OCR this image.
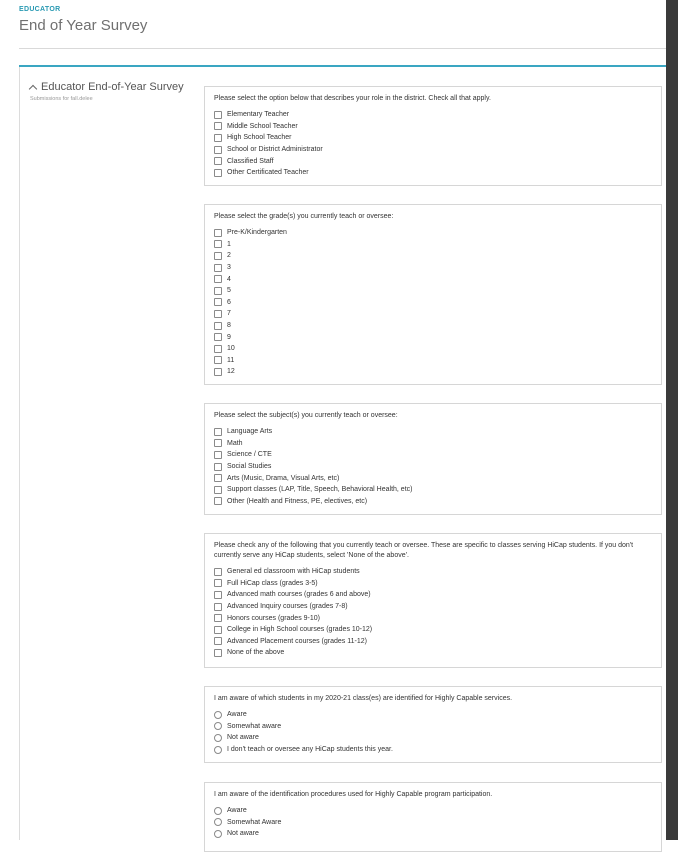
EDUCATOR
End of Year Survey
Educator End-of-Year Survey
Submissions for fall.delee	Please select the option below that describes your role in the district. Check all that apply.
Elementary Teacher
Middle School Teacher
High School Teacher
School or District Administrator
Classified Staff
Other Certificated Teacher
Please select the grade(s) you currently teach or oversee:
Pre-K/Kindergarten
1
2
3
4
5
6
7
8
9
10
11
12
Please select the subject(s) you currently teach or oversee:
Language Arts
Math
Science / CTE
Social Studies
Arts (Music, Drama, Visual Arts, etc)
Support classes (LAP, Title, Speech, Behavioral Health, etc)
Other (Health and Fitness, PE, electives, etc)
Please check any of the following that you currently teach or oversee. These are specific to classes serving HiCap students. If you don't currently serve any HiCap students, select 'None of the above'.
General ed classroom with HiCap students
Full HiCap class (grades 3-5)
Advanced math courses (grades 6 and above)
Advanced Inquiry courses (grades 7-8)
Honors courses (grades 9-10)
College in High School courses (grades 10-12)
Advanced Placement courses (grades 11-12)
None of the above
I am aware of which students in my 2020-21 class(es) are identified for Highly Capable services.
Aware
Somewhat aware
Not aware
I don't teach or oversee any HiCap students this year.
I am aware of the identification procedures used for Highly Capable program participation.
Aware
Somewhat Aware
Not aware
